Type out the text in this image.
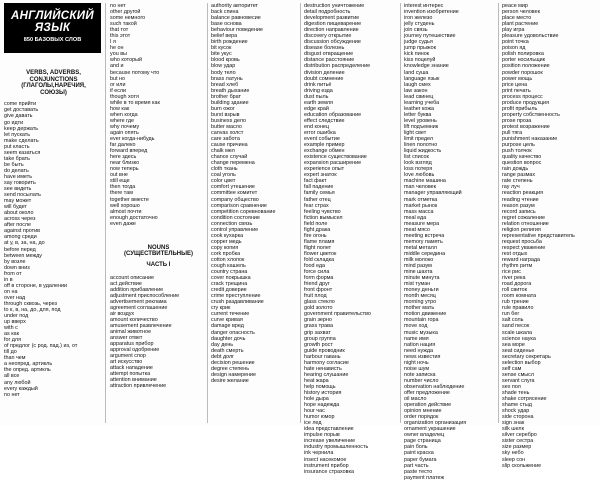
АНГЛИЙСКИЙ
ЯЗЫК
850 БАЗОВЫХ СЛОВ
VERBS, ADVERBS,
CONJUNCTIONS
(ГЛАГОЛЫ,НАРЕЧИЯ,
СОЮЗЫ)
come прийти
get доставать
give давать
go идти
keep держать
let пускать
make сделать
put класть
seem казаться
take брать
be быть
do делать
have иметь
say говорить
see видеть
send посылать
may может
will будет
about около
across через
after после
against против
among среди
at у, в, за, на, до
before перед
between между
by возле
down вниз
from от
in в
off в стороне, в удалении
on на
over над
through сквозь, через
to к, в, на, до, для, под
under под
up вверх
with с
as как
for для
of предлог (с род. пад.) из, от
till до
than чем
a неопред. артикль
the опред. артикль
all все
any любой
every каждый
no нет
no нет
other другой
some немного
such такой
that тот
this этот
I я
he он
you вы
who который
and и
because потому что
but но
or или
if если
though хотя
while в то время как
how как
when когда
where где
why почему
again опять
ever когда-нибудь
far далеко
forward вперед
here здесь
near близко
now теперь
out вне
still еще
then тогда
there там
together вместе
well хорошо
almost почти
enough достаточно
even даже
NOUNS
(СУЩЕСТВИТЕЛЬНЫЕ)
ЧАСТЬ I
account описание
act действие
addition прибавление
adjustment приспособление
advertisement реклама
agreement соглашение
air воздух
amount количество
amusement развлечение
animal животное
answer ответ
apparatus прибор
approval одобрение
argument спор
art искусство
attack нападение
attempt попытка
attention внимание
attraction привлечение
authority авторитет
back спина
balance равновесие
base основа
behaviour поведение
belief вера
birth рождение
bit кусок
bite укус
blood кровь
blow удар
body тело
brass латунь
bread хлеб
breath дыхание
brother брат
building здание
burn ожог
burst взрыв
business дело
butter масло
canvas холст
care забота
cause причина
chalk мел
chance случай
change перемена
cloth ткань
coal уголь
color цвет
comfort утешение
committee комитет
company общество
comparison сравнение
competition соревнование
condition состояние
connection связь
control управление
cook кухарка
copper медь
copy копия
cork пробка
cotton хлопок
cough кашель
country страна
cover покрышка
crack трещина
credit доверие
crime преступление
crush раздавливание
cry крик
current течение
curve кривая
damage вред
danger опасность
daughter дочь
day день
death смерть
debt долг
decision решение
degree степень
design намерение
desire желание
destruction уничтожение
detail подробность
development развитие
digestion пищеварение
direction направление
discovery открытие
discussion обсуждение
disease болезнь
disgust отвращение
distance расстояние
distribution распределение
division деление
doubt сомнение
drink питьё
driving езда
dust пыль
earth земля
edge край
education образование
effect следствие
end конец
error ошибка
event событие
example пример
exchange обмен
existence существование
expansion расширение
experience опыт
expert знаток
fact факт
fall падение
family семья
father отец
fear страх
feeling чувство
fiction вымысел
field поле
fight драка
fire огонь
flame пламя
flight полет
flower цветок
fold складка
food еда
force сила
form форма
friend друг
front фронт
fruit плод
glass стекло
gold золото
government правительство
grain зерно
grass трава
grip захват
group группа
growth рост
guide проводник
harbour гавань
harmony согласие
hate ненависть
hearing слушание
heat жара
help помощь
history история
hole дыра
hope надежда
hour час
humor юмор
ice лед
idea представление
impulse порыв
increase увеличение
industry промышленность
ink чернила
insect насекомое
instrument прибор
insurance страховка
interest интерес
invention изобретение
iron железо
jelly студень
join связь
journey путешествие
judge судья
jump прыжок
kick пинок
kiss поцелуй
knowledge знание
land суша
language язык
laugh смех
law закон
lead свинец
learning учеба
leather кожа
letter буква
level уровень
lift подъемник
light свет
limit предел
linen полотно
liquid жидкость
list список
look взгляд
loss потеря
love любовь
machine машина
man человек
manager управляющий
mark отметка
market рынок
mass масса
meal еда
measure мера
meat мясо
meeting встреча
memory память
metal металл
middle середина
milk молоко
mind разум
mine шахта
minute минута
mist туман
money деньги
month месяц
morning утро
mother мать
motion движение
mountain гора
move ход
music музыка
name имя
nation нация
need нужда
news известия
night ночь
noise шум
note записка
number число
observation наблюдение
offer предложение
oil масло
operation действие
opinion мнение
order порядок
organization организация
ornament украшение
owner владелец
page страница
pain боль
paint краска
paper бумага
part часть
paste тесто
payment платеж
peace мир
person человек
place место
plant растение
play игра
pleasure удовольствие
point точка
poison яд
polish полировка
porter носильщик
position положение
powder порошок
power мощь
price цена
print печать
process процесс
produce продукция
profit прибыль
property собственность
prose проза
protest возражение
pull тяга
punishment наказание
purpose цель
push толчок
quality качество
question вопрос
rain дождь
range размах
rate степень
ray луч
reaction реакция
reading чтение
reason разум
record запись
regret сожаление
relation отношение
religion религия
representative представитель
request просьба
respect уважение
rest отдых
reward награда
rhythm ритм
rice рис
river река
road дорога
roll свиток
room комната
rub трение
rule правило
run бег
salt соль
sand песок
scale шкала
science наука
sea море
seat сиденье
secretary секретарь
selection выбор
self сам
sense смысл
servant слуга
sex пол
shade тень
shake сотрясение
shame стыд
shock удар
side сторона
sign знак
silk шелк
silver серебро
sister сестра
size размер
sky небо
sleep сон
slip скольжение
